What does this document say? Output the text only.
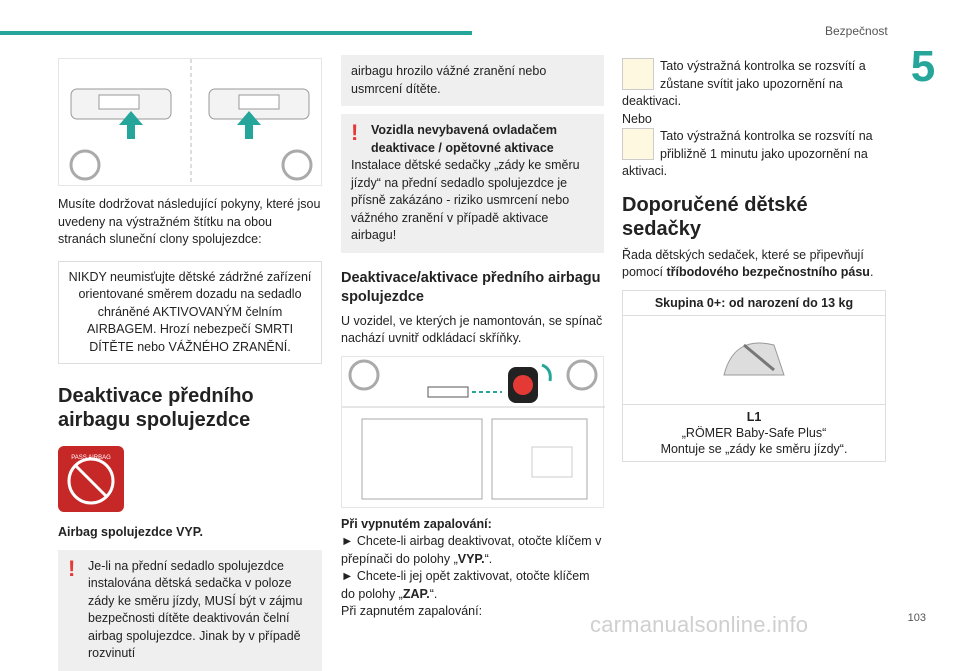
Bezpečnost
5

Musíte dodržovat následující pokyny, které jsou uvedeny na výstražném štítku na obou stranách sluneční clony spolujezdce:

NIKDY neumisťujte dětské zádržné zařízení orientované směrem dozadu na sedadlo chráněné AKTIVOVANÝM čelním AIRBAGEM. Hrozí nebezpečí SMRTI DÍTĚTE nebo VÁŽNÉHO ZRANĚNÍ.
Deaktivace předního
airbagu spolujezdce
PASS AIRBAG

Airbag spolujezdce VYP.

! Je-li na přední sedadlo spolujezdce instalována dětská sedačka v poloze zády ke směru jízdy, MUSÍ být v zájmu bezpečnosti dítěte deaktivován čelní airbag spolujezdce. Jinak by v případě rozvinutí
airbagu hrozilo vážné zranění nebo usmrcení dítěte.
! Vozidla nevybavená ovladačem deaktivace / opětovné aktivace
Instalace dětské sedačky „zády ke směru jízdy“ na přední sedadlo spolujezdce je přísně zakázáno - riziko usmrcení nebo vážného zranění v případě aktivace airbagu!
Deaktivace/aktivace předního airbagu spolujezdce

U vozidel, ve kterých je namontován, se spínač nachází uvnitř odkládací skříňky.

Při vypnutém zapalování:

► Chcete-li airbag deaktivovat, otočte klíčem v přepínači do polohy „VYP.“.

► Chcete-li jej opět zaktivovat, otočte klíčem do polohy „ZAP.“.

Při zapnutém zapalování:

Tato výstražná kontrolka se rozsvítí a zůstane svítit jako upozornění na deaktivaci.

Nebo

Tato výstražná kontrolka se rozsvítí na přibližně 1 minutu jako upozornění na aktivaci.
Doporučené dětské sedačky

Řada dětských sedaček, které se připevňují pomocí tříbodového bezpečnostního pásu.

Skupina 0+: od narození do 13 kg

L1
„RÖMER Baby-Safe Plus“
Montuje se „zády ke směru jízdy“.
carmanualsonline.info	103
